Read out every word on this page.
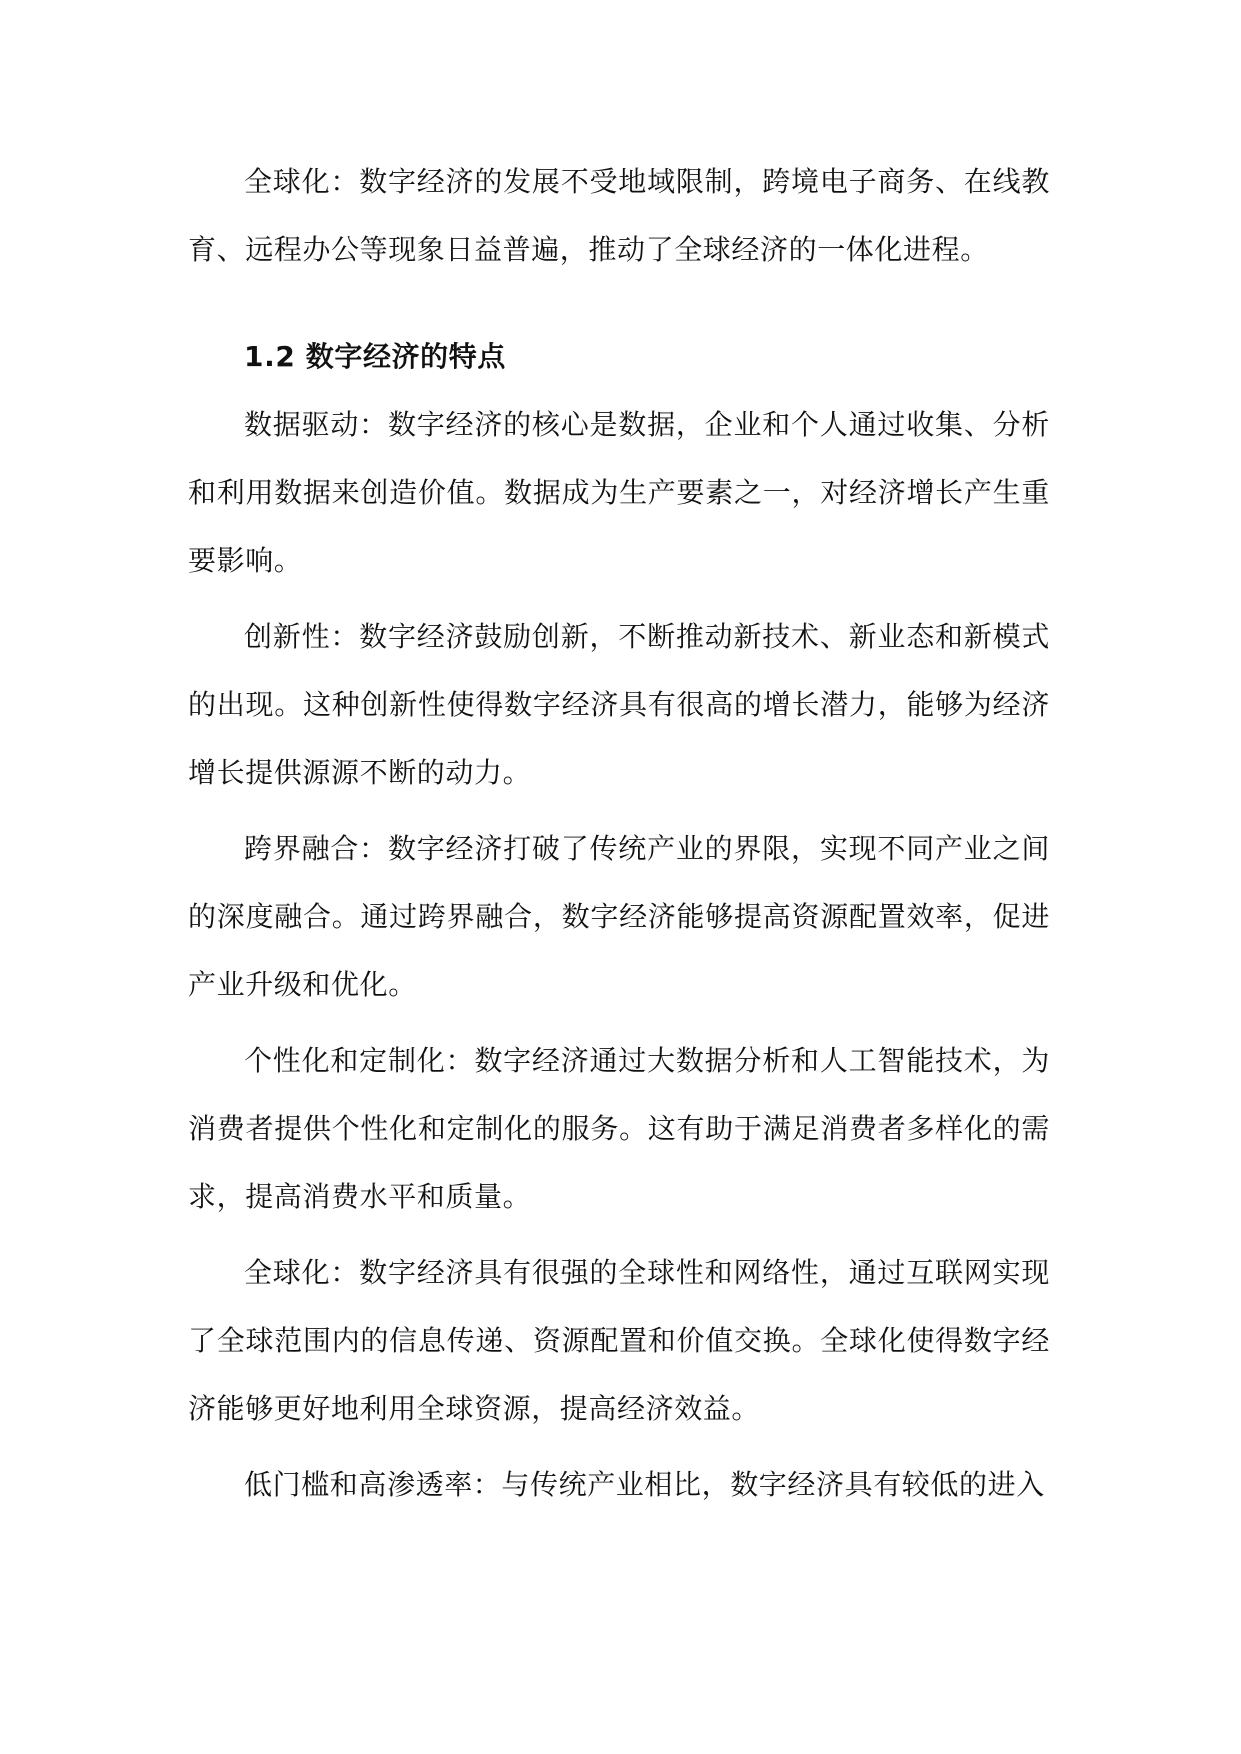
全球化：数字经济的发展不受地域限制，跨境电子商务、在线教育、远程办公等现象日益普遍，推动了全球经济的一体化进程。

1.2 数字经济的特点

数据驱动：数字经济的核心是数据，企业和个人通过收集、分析和利用数据来创造价值。数据成为生产要素之一，对经济增长产生重要影响。

创新性：数字经济鼓励创新，不断推动新技术、新业态和新模式的出现。这种创新性使得数字经济具有很高的增长潜力，能够为经济增长提供源源不断的动力。

跨界融合：数字经济打破了传统产业的界限，实现不同产业之间的深度融合。通过跨界融合，数字经济能够提高资源配置效率，促进产业升级和优化。

个性化和定制化：数字经济通过大数据分析和人工智能技术，为消费者提供个性化和定制化的服务。这有助于满足消费者多样化的需求，提高消费水平和质量。

全球化：数字经济具有很强的全球性和网络性，通过互联网实现了全球范围内的信息传递、资源配置和价值交换。全球化使得数字经济能够更好地利用全球资源，提高经济效益。

低门槛和高渗透率：与传统产业相比，数字经济具有较低的进入
